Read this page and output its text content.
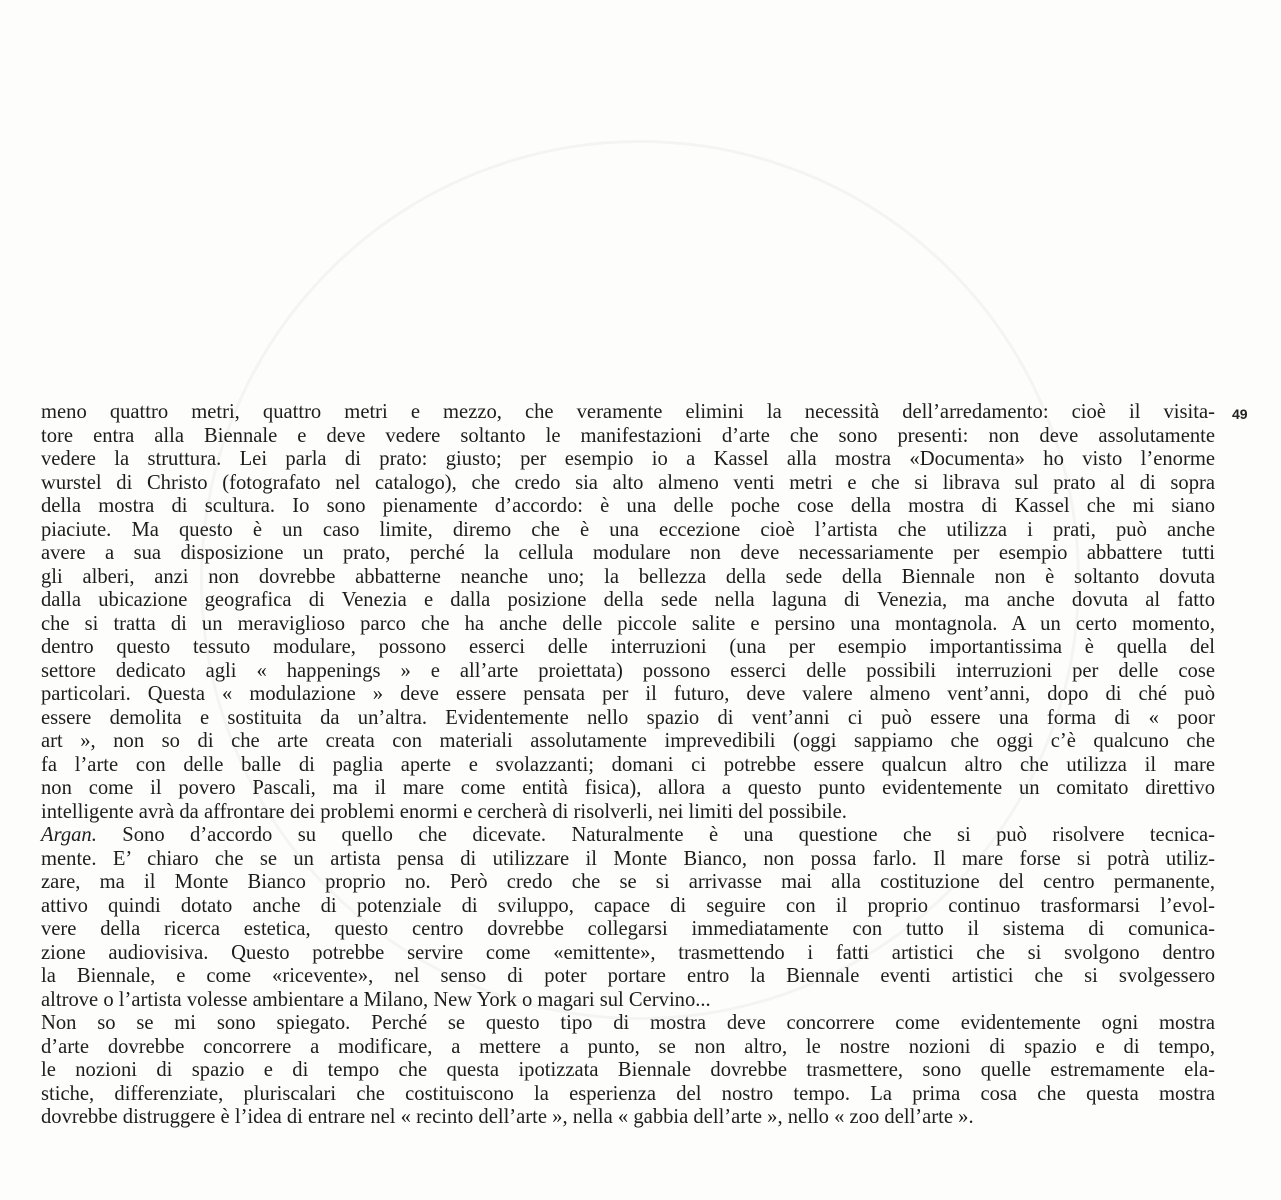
49
meno quattro metri, quattro metri e mezzo, che veramente elimini la necessità dell’arredamento: cioè il visita-
tore entra alla Biennale e deve vedere soltanto le manifestazioni d’arte che sono presenti: non deve assolutamente
vedere la struttura. Lei parla di prato: giusto; per esempio io a Kassel alla mostra «Documenta» ho visto l’enorme
wurstel di Christo (fotografato nel catalogo), che credo sia alto almeno venti metri e che si librava sul prato al di sopra
della mostra di scultura. Io sono pienamente d’accordo: è una delle poche cose della mostra di Kassel che mi siano
piaciute. Ma questo è un caso limite, diremo che è una eccezione cioè l’artista che utilizza i prati, può anche
avere a sua disposizione un prato, perché la cellula modulare non deve necessariamente per esempio abbattere tutti
gli alberi, anzi non dovrebbe abbatterne neanche uno; la bellezza della sede della Biennale non è soltanto dovuta
dalla ubicazione geografica di Venezia e dalla posizione della sede nella laguna di Venezia, ma anche dovuta al fatto
che si tratta di un meraviglioso parco che ha anche delle piccole salite e persino una montagnola. A un certo momento,
dentro questo tessuto modulare, possono esserci delle interruzioni (una per esempio importantissima è quella del
settore dedicato agli « happenings » e all’arte proiettata) possono esserci delle possibili interruzioni per delle cose
particolari. Questa « modulazione » deve essere pensata per il futuro, deve valere almeno vent’anni, dopo di ché può
essere demolita e sostituita da un’altra. Evidentemente nello spazio di vent’anni ci può essere una forma di « poor
art », non so di che arte creata con materiali assolutamente imprevedibili (oggi sappiamo che oggi c’è qualcuno che
fa l’arte con delle balle di paglia aperte e svolazzanti; domani ci potrebbe essere qualcun altro che utilizza il mare
non come il povero Pascali, ma il mare come entità fisica), allora a questo punto evidentemente un comitato direttivo
intelligente avrà da affrontare dei problemi enormi e cercherà di risolverli, nei limiti del possibile.
Argan. Sono d’accordo su quello che dicevate. Naturalmente è una questione che si può risolvere tecnica-
mente. E’ chiaro che se un artista pensa di utilizzare il Monte Bianco, non possa farlo. Il mare forse si potrà utiliz-
zare, ma il Monte Bianco proprio no. Però credo che se si arrivasse mai alla costituzione del centro permanente,
attivo quindi dotato anche di potenziale di sviluppo, capace di seguire con il proprio continuo trasformarsi l’evol-
vere della ricerca estetica, questo centro dovrebbe collegarsi immediatamente con tutto il sistema di comunica-
zione audiovisiva. Questo potrebbe servire come «emittente», trasmettendo i fatti artistici che si svolgono dentro
la Biennale, e come «ricevente», nel senso di poter portare entro la Biennale eventi artistici che si svolgessero
altrove o l’artista volesse ambientare a Milano, New York o magari sul Cervino...
Non so se mi sono spiegato. Perché se questo tipo di mostra deve concorrere come evidentemente ogni mostra
d’arte dovrebbe concorrere a modificare, a mettere a punto, se non altro, le nostre nozioni di spazio e di tempo,
le nozioni di spazio e di tempo che questa ipotizzata Biennale dovrebbe trasmettere, sono quelle estremamente ela-
stiche, differenziate, pluriscalari che costituiscono la esperienza del nostro tempo. La prima cosa che questa mostra
dovrebbe distruggere è l’idea di entrare nel « recinto dell’arte », nella « gabbia dell’arte », nello « zoo dell’arte ».
